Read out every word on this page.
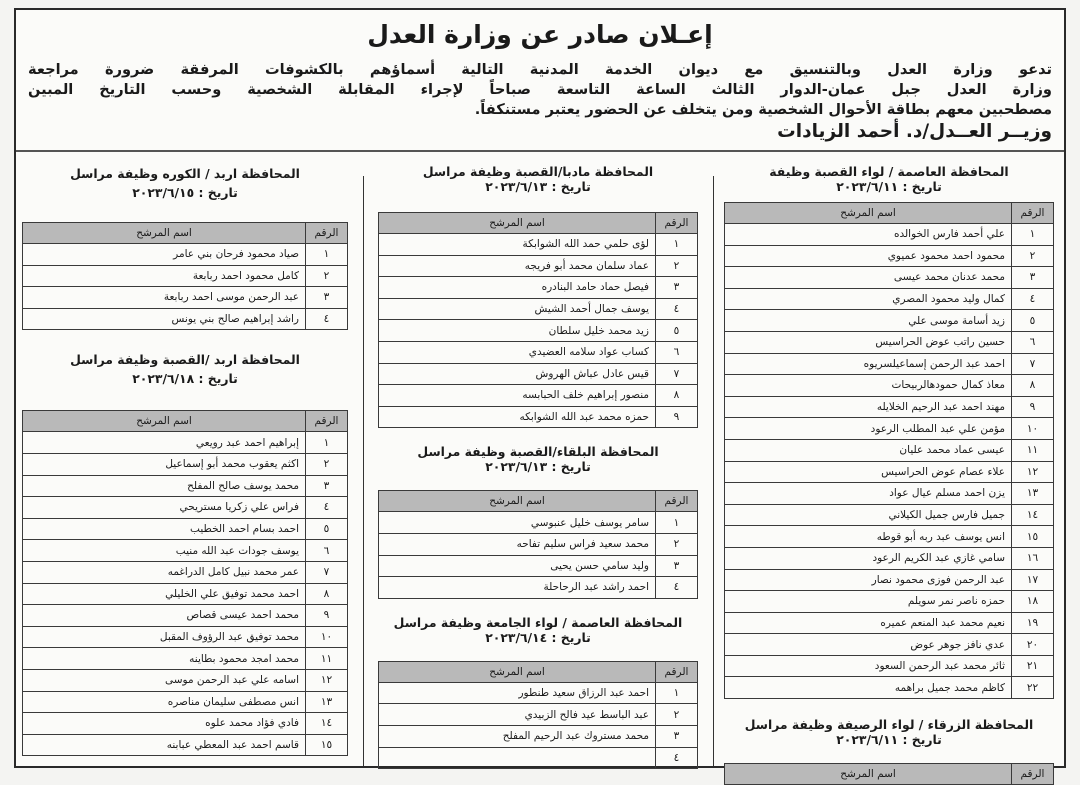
إعـلان صادر عن وزارة العدل

تدعو وزارة العدل وبالتنسيق مع ديوان الخدمة المدنية التالية أسماؤهم بالكشوفات المرفقة ضرورة مراجعة

وزارة العدل جبل عمان-الدوار الثالث الساعة التاسعة صباحاً لإجراء المقابلة الشخصية وحسب التاريخ المبين

مصطحبين معهم بطاقة الأحوال الشخصية ومن يتخلف عن الحضور يعتبر مستنكفاً.

وزيــر العــدل/د. أحمد الزيادات
المحافظة العاصمة / لواء القصبة وظيفة
تاريخ : ٢٠٢٣/٦/١١
الرقم	اسم المرشح
١	علي أحمد فارس الخوالده
٢	محمود احمد محمود عميوي
٣	محمد عدنان محمد عيسى
٤	كمال وليد محمود المصري
٥	زيد أسامة موسى علي
٦	حسين راتب عوض الحراسيس
٧	احمد عبد الرحمن إسماعيلسريوه
٨	معاذ كمال حمودهالربيحات
٩	مهند احمد عبد الرحيم الخلايله
١٠	مؤمن علي عبد المطلب الرعود
١١	عيسى عماد محمد عليان
١٢	علاء عصام عوض الحراسيس
١٣	يزن احمد مسلم عيال عواد
١٤	جميل فارس جميل الكيلاني
١٥	انس يوسف عبد ربه أبو قوطه
١٦	سامي غازي عبد الكريم الرعود
١٧	عبد الرحمن فوزى محمود نصار
١٨	حمزه ناصر نمر سويلم
١٩	نعيم محمد عبد المنعم عميره
٢٠	عدي نافز جوهر عوض
٢١	ثائر محمد عبد الرحمن السعود
٢٢	كاظم محمد جميل براهمه
المحافظة الزرقاء / لواء الرصيفة وظيفة مراسل
تاريخ : ٢٠٢٣/٦/١١
الرقم	اسم المرشح
المحافظة مادبا/القصبة وظيفة مراسل
تاريخ : ٢٠٢٣/٦/١٣
الرقم	اسم المرشح
١	لؤى حلمي حمد الله الشوابكة
٢	عماد سلمان محمد أبو فريجه
٣	فيصل حماد حامد البنادره
٤	يوسف جمال أحمد الشيش
٥	زيد محمد خليل سلطان
٦	كساب عواد سلامه العضيدي
٧	قيس عادل عباش الهروش
٨	منصور إبراهيم خلف الحبابسه
٩	حمزه محمد عبد الله الشوابكه
المحافظة البلقاء/القصبة وظيفة مراسل
تاريخ : ٢٠٢٣/٦/١٣
الرقم	اسم المرشح
١	سامر يوسف خليل عنبوسي
٢	محمد سعيد فراس سليم تفاحه
٣	وليد سامي حسن يحيى
٤	احمد راشد عبد الرحاحلة
المحافظة العاصمة / لواء الجامعة وظيفة مراسل
تاريخ : ٢٠٢٣/٦/١٤
الرقم	اسم المرشح
١	احمد عبد الرزاق سعيد طنطور
٢	عبد الباسط عيد فالح الزبيدي
٣	محمد مستروك عبد الرحيم المفلح
٤	
المحافظة اربد / الكوره وظيفة مراسل
تاريخ : ٢٠٢٣/٦/١٥
الرقم	اسم المرشح
١	صياد محمود فرحان بني عامر
٢	كامل محمود احمد ربابعة
٣	عبد الرحمن موسى احمد ربابعة
٤	راشد إبراهيم صالح بني يونس
المحافظة اربد /القصبة وظيفة مراسل
تاريخ : ٢٠٢٣/٦/١٨
الرقم	اسم المرشح
١	إبراهيم احمد عبد رويعي
٢	اكثم يعقوب محمد أبو إسماعيل
٣	محمد يوسف صالح المفلح
٤	فراس علي زكريا مستريحي
٥	احمد بسام احمد الخطيب
٦	يوسف جودات عبد الله منيب
٧	عمر محمد نبيل كامل الدراغمه
٨	احمد محمد توفيق علي الخليلي
٩	محمد احمد عيسى قصاص
١٠	محمد توفيق عبد الرؤوف المقبل
١١	محمد امجد محمود بطاينه
١٢	اسامه علي عبد الرحمن موسى
١٣	انس مصطفى سليمان مناصره
١٤	فادي فؤاد محمد علوه
١٥	قاسم احمد عبد المعطي عبابنه
